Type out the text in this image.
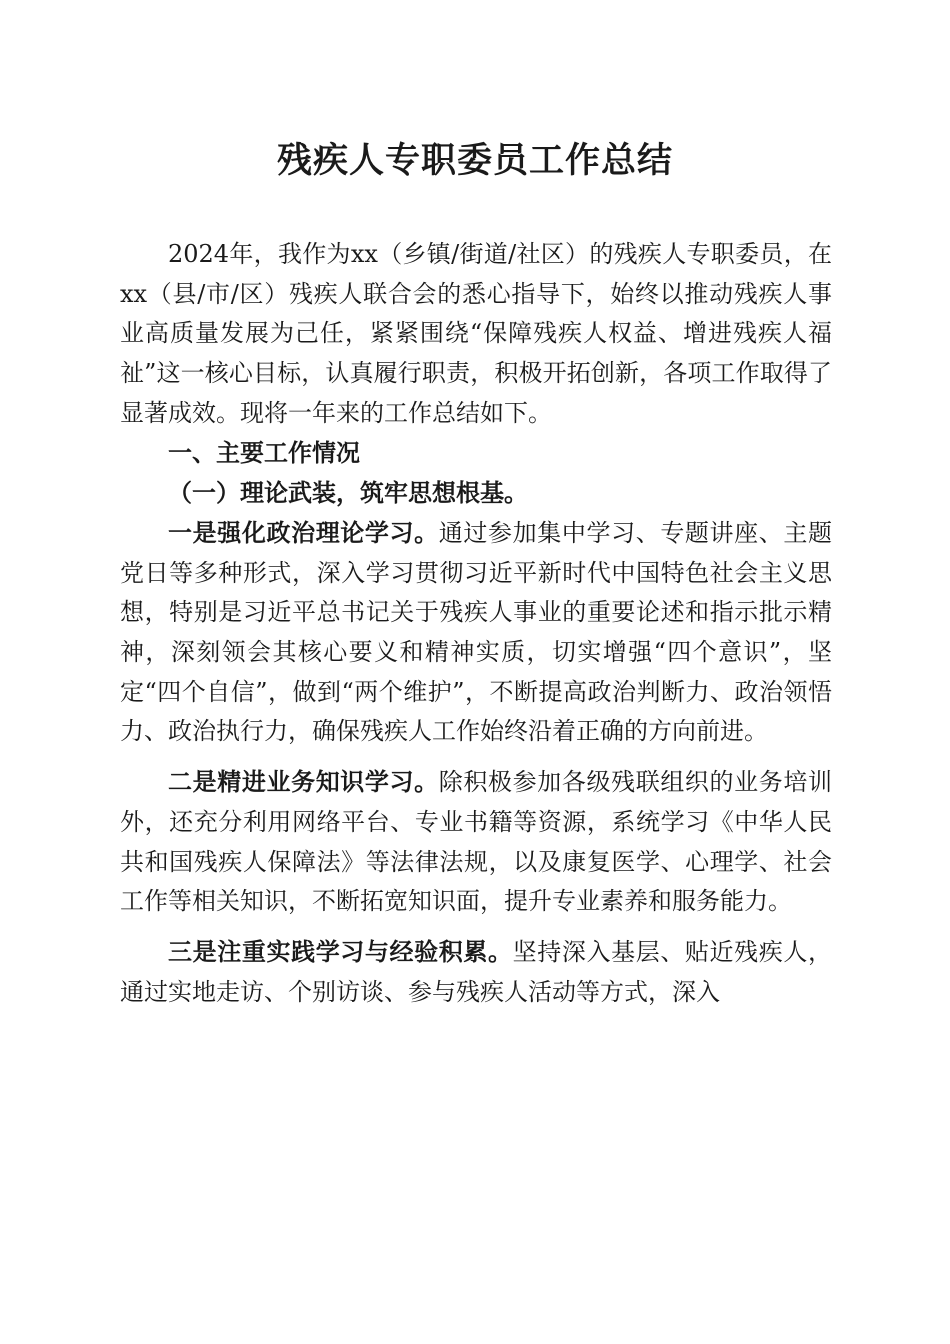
残疾人专职委员工作总结

2024年，我作为xx（乡镇/街道/社区）的残疾人专职委员，在xx（县/市/区）残疾人联合会的悉心指导下，始终以推动残疾人事业高质量发展为己任，紧紧围绕“保障残疾人权益、增进残疾人福祉”这一核心目标，认真履行职责，积极开拓创新，各项工作取得了显著成效。现将一年来的工作总结如下。

一、主要工作情况

（一）理论武装，筑牢思想根基。

一是强化政治理论学习。通过参加集中学习、专题讲座、主题党日等多种形式，深入学习贯彻习近平新时代中国特色社会主义思想，特别是习近平总书记关于残疾人事业的重要论述和指示批示精神，深刻领会其核心要义和精神实质，切实增强“四个意识”，坚定“四个自信”，做到“两个维护”，不断提高政治判断力、政治领悟力、政治执行力，确保残疾人工作始终沿着正确的方向前进。

二是精进业务知识学习。除积极参加各级残联组织的业务培训外，还充分利用网络平台、专业书籍等资源，系统学习《中华人民共和国残疾人保障法》等法律法规，以及康复医学、心理学、社会工作等相关知识，不断拓宽知识面，提升专业素养和服务能力。

三是注重实践学习与经验积累。坚持深入基层、贴近残疾人，通过实地走访、个别访谈、参与残疾人活动等方式，深入
